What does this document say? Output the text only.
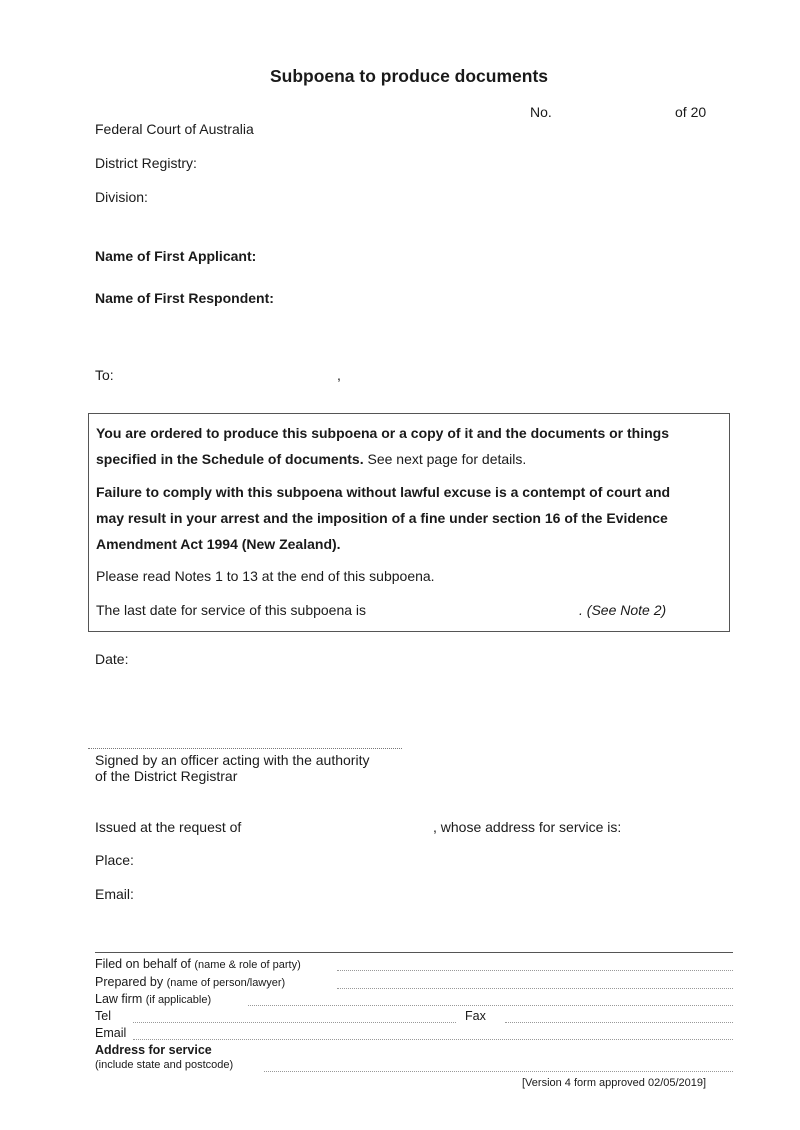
Subpoena to produce documents
No.	of 20
Federal Court of Australia
District Registry:
Division:
Name of First Applicant:
Name of First Respondent:
To:	,
You are ordered to produce this subpoena or a copy of it and the documents or things
specified in the Schedule of documents. See next page for details.
Failure to comply with this subpoena without lawful excuse is a contempt of court and
may result in your arrest and the imposition of a fine under section 16 of the Evidence
Amendment Act 1994 (New Zealand).
Please read Notes 1 to 13 at the end of this subpoena.
The last date for service of this subpoena is	. (See Note 2)
Date:
Signed by an officer acting with the authority
of the District Registrar
Issued at the request of	, whose address for service is:
Place:
Email:
Filed on behalf of (name & role of party)
Prepared by (name of person/lawyer)
Law firm (if applicable)
Tel	Fax
Email
Address for service
(include state and postcode)
[Version 4 form approved 02/05/2019]
